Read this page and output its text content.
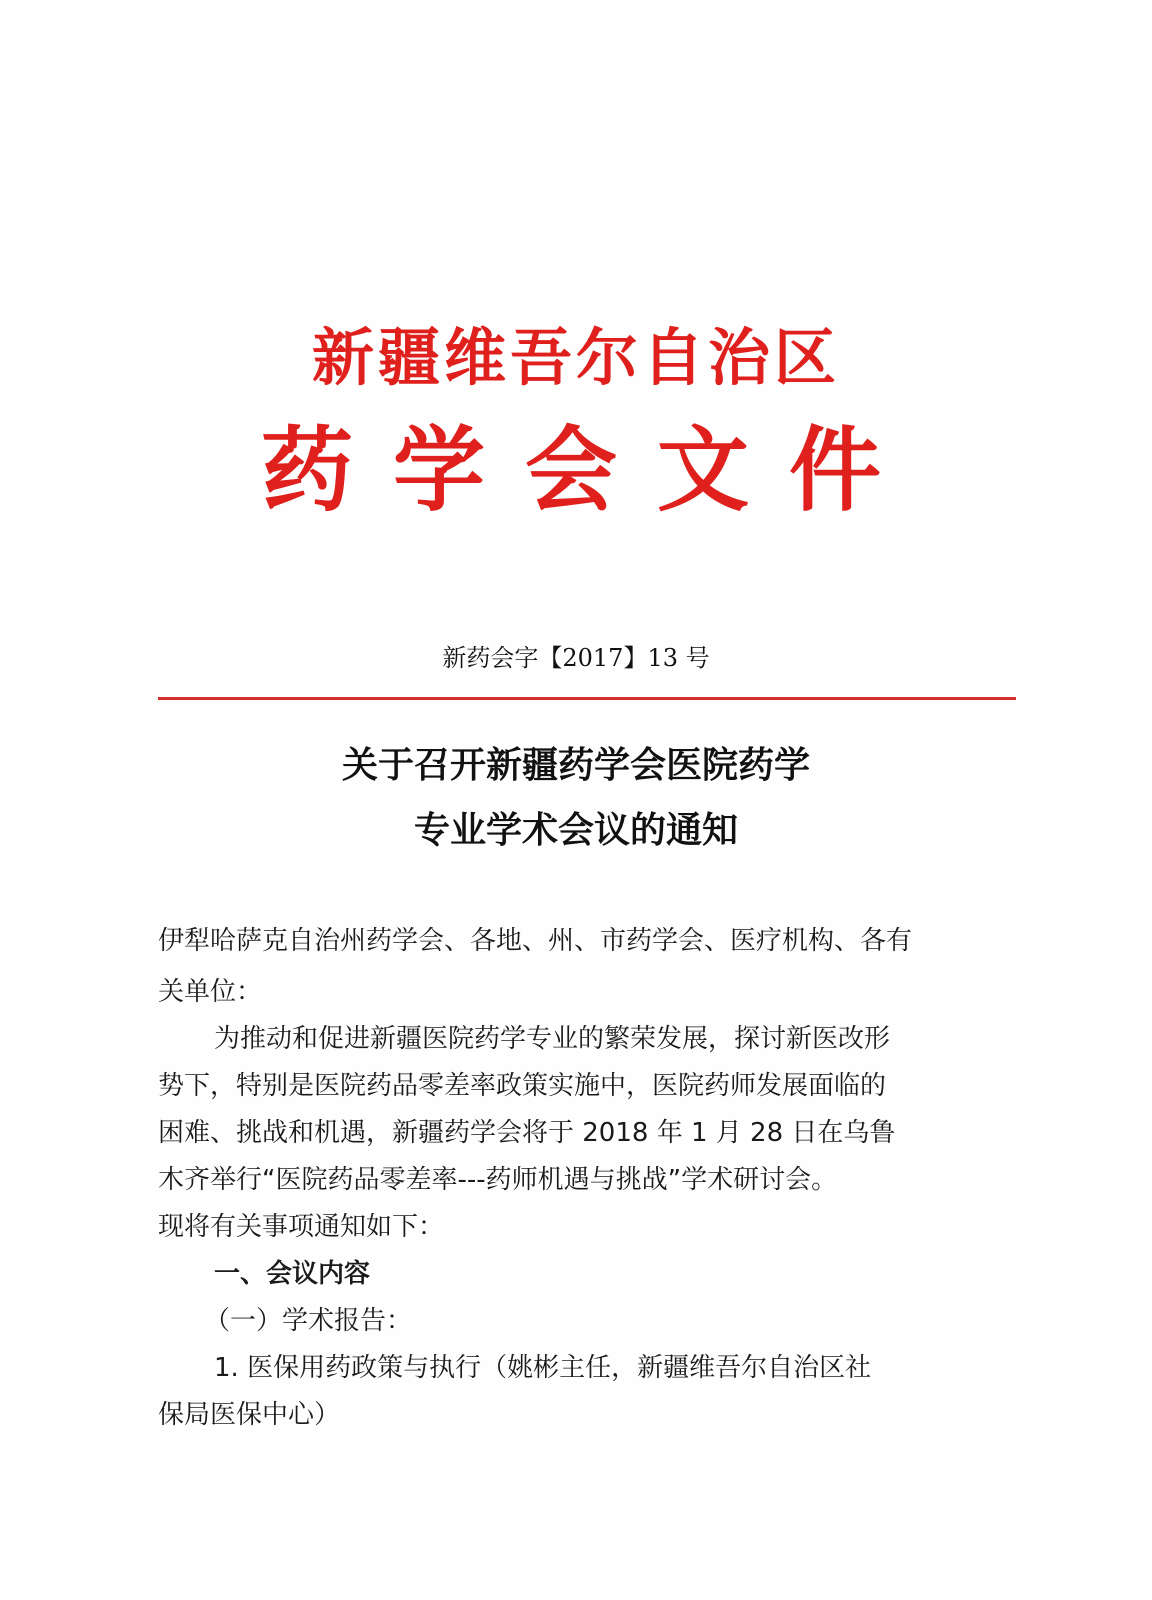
新疆维吾尔自治区
药学会文件
新药会字【2017】13 号
关于召开新疆药学会医院药学
专业学术会议的通知
伊犁哈萨克自治州药学会、各地、州、市药学会、医疗机构、各有
关单位：
为推动和促进新疆医院药学专业的繁荣发展，探讨新医改形
势下，特别是医院药品零差率政策实施中，医院药师发展面临的
困难、挑战和机遇，新疆药学会将于 2018 年 1 月 28 日在乌鲁
木齐举行“医院药品零差率---药师机遇与挑战”学术研讨会。
现将有关事项通知如下：
一、会议内容
（一）学术报告：
1. 医保用药政策与执行（姚彬主任，新疆维吾尔自治区社
保局医保中心）
